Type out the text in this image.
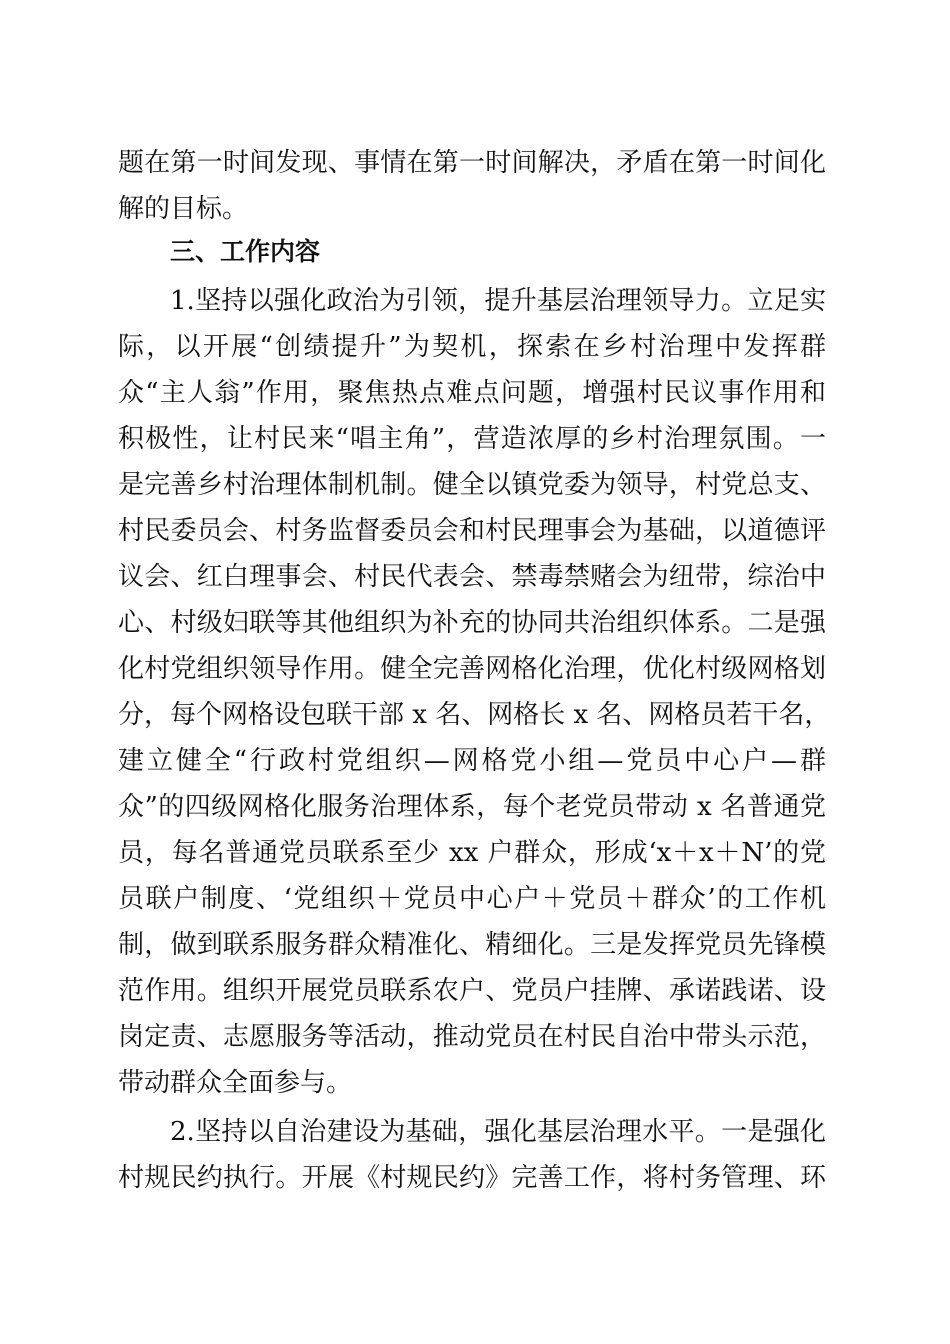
题在第一时间发现、事情在第一时间解决，矛盾在第一时间化
解的目标。
三、工作内容
1.坚持以强化政治为引领，提升基层治理领导力。立足实
际，以开展“创绩提升”为契机，探索在乡村治理中发挥群
众“主人翁”作用，聚焦热点难点问题，增强村民议事作用和
积极性，让村民来“唱主角”，营造浓厚的乡村治理氛围。一
是完善乡村治理体制机制。健全以镇党委为领导，村党总支、
村民委员会、村务监督委员会和村民理事会为基础，以道德评
议会、红白理事会、村民代表会、禁毒禁赌会为纽带，综治中
心、村级妇联等其他组织为补充的协同共治组织体系。二是强
化村党组织领导作用。健全完善网格化治理，优化村级网格划
分，每个网格设包联干部 x 名、网格长 x 名、网格员若干名，
建立健全“行政村党组织—网格党小组—党员中心户—群
众”的四级网格化服务治理体系，每个老党员带动 x 名普通党
员，每名普通党员联系至少 xx 户群众，形成‘x＋x＋N’的党
员联户制度、‘党组织＋党员中心户＋党员＋群众’的工作机
制，做到联系服务群众精准化、精细化。三是发挥党员先锋模
范作用。组织开展党员联系农户、党员户挂牌、承诺践诺、设
岗定责、志愿服务等活动，推动党员在村民自治中带头示范，
带动群众全面参与。
2.坚持以自治建设为基础，强化基层治理水平。一是强化
村规民约执行。开展《村规民约》完善工作，将村务管理、环
